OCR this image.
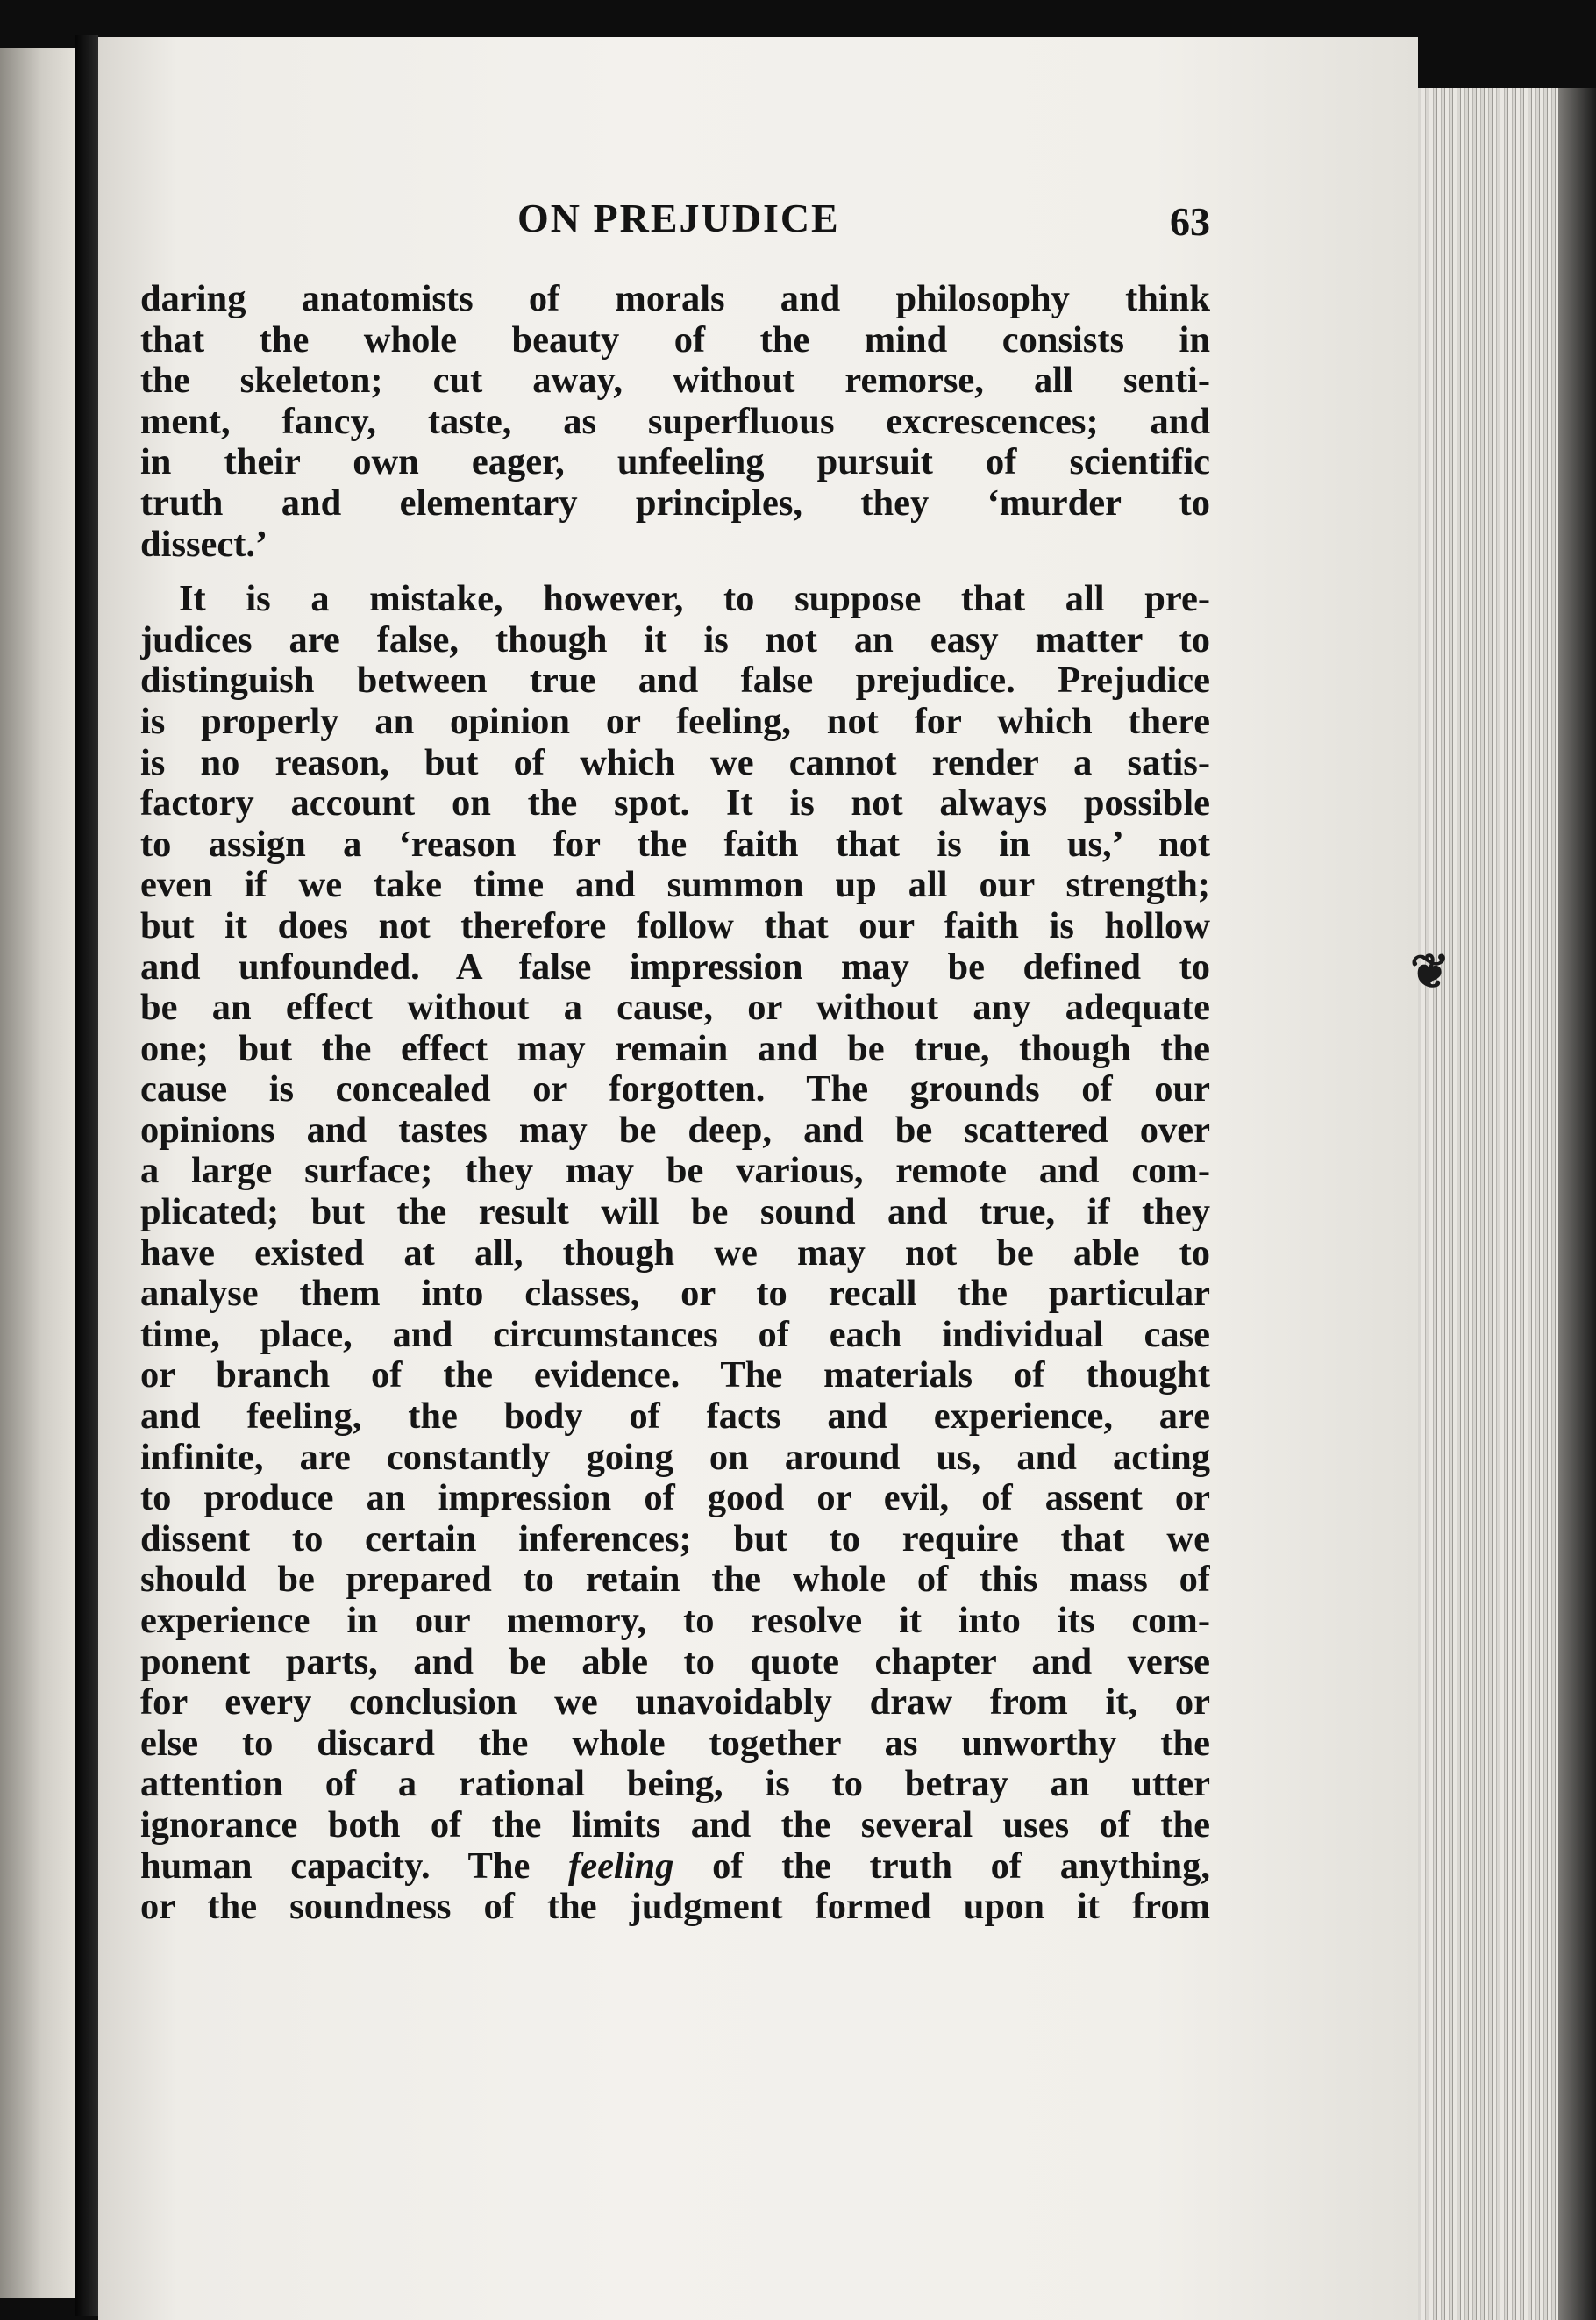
❦
ON PREJUDICE	63
daring anatomists of morals and philosophy think
that the whole beauty of the mind consists in
the skeleton; cut away, without remorse, all senti-
ment, fancy, taste, as superfluous excrescences; and
in their own eager, unfeeling pursuit of scientific
truth and elementary principles, they ‘murder to
dissect.’
It is a mistake, however, to suppose that all pre-
judices are false, though it is not an easy matter to
distinguish between true and false prejudice. Prejudice
is properly an opinion or feeling, not for which there
is no reason, but of which we cannot render a satis-
factory account on the spot. It is not always possible
to assign a ‘reason for the faith that is in us,’ not
even if we take time and summon up all our strength;
but it does not therefore follow that our faith is hollow
and unfounded. A false impression may be defined to
be an effect without a cause, or without any adequate
one; but the effect may remain and be true, though the
cause is concealed or forgotten. The grounds of our
opinions and tastes may be deep, and be scattered over
a large surface; they may be various, remote and com-
plicated; but the result will be sound and true, if they
have existed at all, though we may not be able to
analyse them into classes, or to recall the particular
time, place, and circumstances of each individual case
or branch of the evidence. The materials of thought
and feeling, the body of facts and experience, are
infinite, are constantly going on around us, and acting
to produce an impression of good or evil, of assent or
dissent to certain inferences; but to require that we
should be prepared to retain the whole of this mass of
experience in our memory, to resolve it into its com-
ponent parts, and be able to quote chapter and verse
for every conclusion we unavoidably draw from it, or
else to discard the whole together as unworthy the
attention of a rational being, is to betray an utter
ignorance both of the limits and the several uses of the
human capacity. The feeling of the truth of anything,
or the soundness of the judgment formed upon it from
